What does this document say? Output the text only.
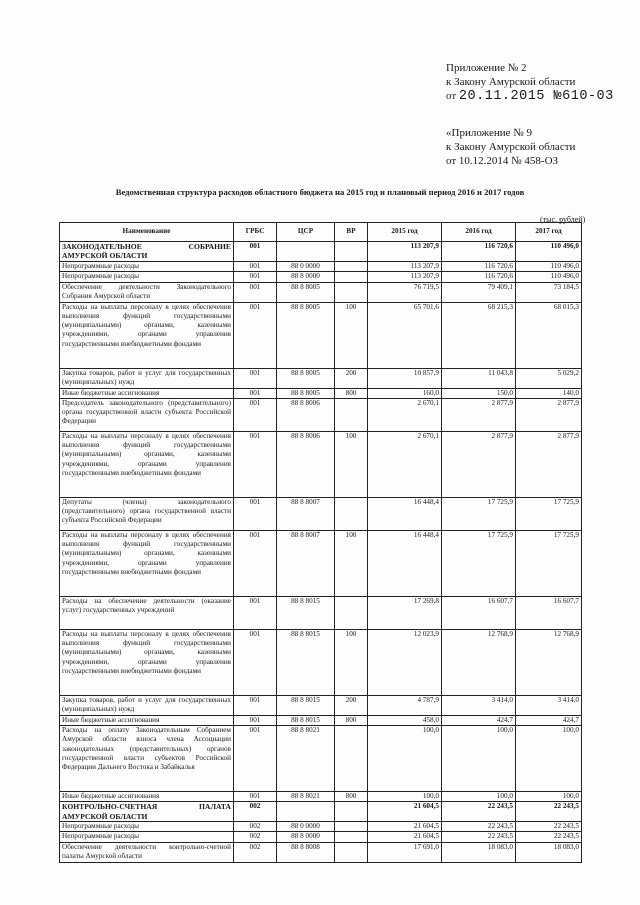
Приложение № 2
к Закону Амурской области
от 20.11.2015 №610-03
«Приложение № 9
к Закону Амурской области
от 10.12.2014 № 458-ОЗ
Ведомственная структура расходов областного бюджета на 2015 год и плановый период 2016 и 2017 годов
(тыс. рублей)
Наименование	ГРБС	ЦСР	ВР	2015 год	2016 год	2017 год
ЗАКОНОДАТЕЛЬНОЕ СОБРАНИЕ АМУРСКОЙ ОБЛАСТИ	001			113 207,9	116 720,6	110 496,0
Непрограммные расходы	001	88 0 0000		113 207,9	116 720,6	110 496,0
Непрограммные расходы	001	88 8 0000		113 207,9	116 720,6	110 496,0
Обеспечение деятельности Законодательного Собрания Амурской области	001	88 8 8005		76 719,5	79 409,1	73 184,5
Расходы на выплаты персоналу в целях обеспечения выполнения функций государственными (муниципальными) органами, казенными учреждениями, органами управления государственными внебюджетными фондами	001	88 8 8005	100	65 701,6	68 215,3	68 015,3
Закупка товаров, работ и услуг для государственных (муниципальных) нужд	001	88 8 8005	200	10 857,9	11 043,8	5 029,2
Иные бюджетные ассигнования	001	88 8 8005	800	160,0	150,0	140,0
Председатель законодательного (представительного) органа государственной власти субъекта Российской Федерации	001	88 8 8006		2 670,1	2 877,9	2 877,9
Расходы на выплаты персоналу в целях обеспечения выполнения функций государственными (муниципальными) органами, казенными учреждениями, органами управления государственными внебюджетными фондами	001	88 8 8006	100	2 670,1	2 877,9	2 877,9
Депутаты (члены) законодательного (представительного) органа государственной власти субъекта Российской Федерации	001	88 8 8007		16 448,4	17 725,9	17 725,9
Расходы на выплаты персоналу в целях обеспечения выполнения функций государственными (муниципальными) органами, казенными учреждениями, органами управления государственными внебюджетными фондами	001	88 8 8007	100	16 448,4	17 725,9	17 725,9
Расходы на обеспечение деятельности (оказание услуг) государственных учреждений	001	88 8 8015		17 269,8	16 607,7	16 607,7
Расходы на выплаты персоналу в целях обеспечения выполнения функций государственными (муниципальными) органами, казенными учреждениями, органами управления государственными внебюджетными фондами	001	88 8 8015	100	12 023,9	12 768,9	12 768,9
Закупка товаров, работ и услуг для государственных (муниципальных) нужд	001	88 8 8015	200	4 787,9	3 414,0	3 414,0
Иные бюджетные ассигнования	001	88 8 8015	800	458,0	424,7	424,7
Расходы на оплату Законодательным Собранием Амурской области взноса члена Ассоциации законодательных (представительных) органов государственной власти субъектов Российской Федерации Дальнего Востока и Забайкалья	001	88 8 8021		100,0	100,0	100,0
Иные бюджетные ассигнования	001	88 8 8021	800	100,0	100,0	100,0
КОНТРОЛЬНО-СЧЕТНАЯ ПАЛАТА АМУРСКОЙ ОБЛАСТИ	002			21 604,5	22 243,5	22 243,5
Непрограммные расходы	002	88 0 0000		21 604,5	22 243,5	22 243,5
Непрограммные расходы	002	88 8 0000		21 604,5	22 243,5	22 243,5
Обеспечение деятельности контрольно-счетной палаты Амурской области	002	88 8 8008		17 691,0	18 083,0	18 083,0
